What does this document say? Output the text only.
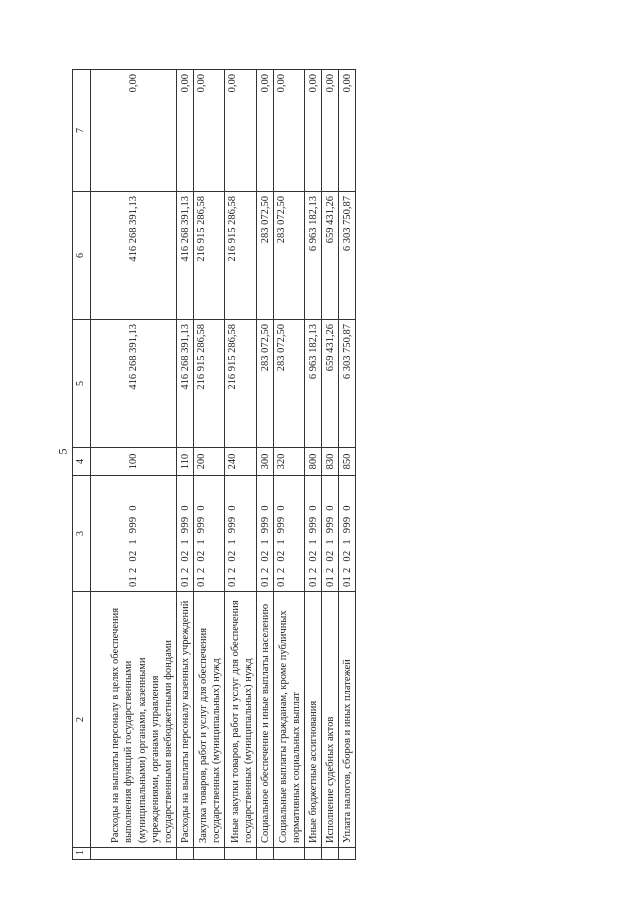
5
1	2	3	4	5	6	7
	Расходы на выплаты персоналу в целях обеспечения выполнения функций государственными (муниципальными) органами, казенными учреждениями, органами управления государственными внебюджетными фондами	01 2  02  1  999  0	100	416 268 391,13	416 268 391,13	0,00
	Расходы на выплаты персоналу казенных учреждений	01 2  02  1  999  0	110	416 268 391,13	416 268 391,13	0,00
	Закупка товаров, работ и услуг для обеспечения государственных (муниципальных) нужд	01 2  02  1  999  0	200	216 915 286,58	216 915 286,58	0,00
	Иные закупки товаров, работ и услуг для обеспечения государственных (муниципальных) нужд	01 2  02  1  999  0	240	216 915 286,58	216 915 286,58	0,00
	Социальное обеспечение и иные выплаты населению	01 2  02  1  999  0	300	283 072,50	283 072,50	0,00
	Социальные выплаты гражданам, кроме публичных нормативных социальных выплат	01 2  02  1  999  0	320	283 072,50	283 072,50	0,00
	Иные бюджетные ассигнования	01 2  02  1  999  0	800	6 963 182,13	6 963 182,13	0,00
	Исполнение судебных актов	01 2  02  1  999  0	830	659 431,26	659 431,26	0,00
	Уплата налогов, сборов и иных платежей	01 2  02  1  999  0	850	6 303 750,87	6 303 750,87	0,00
